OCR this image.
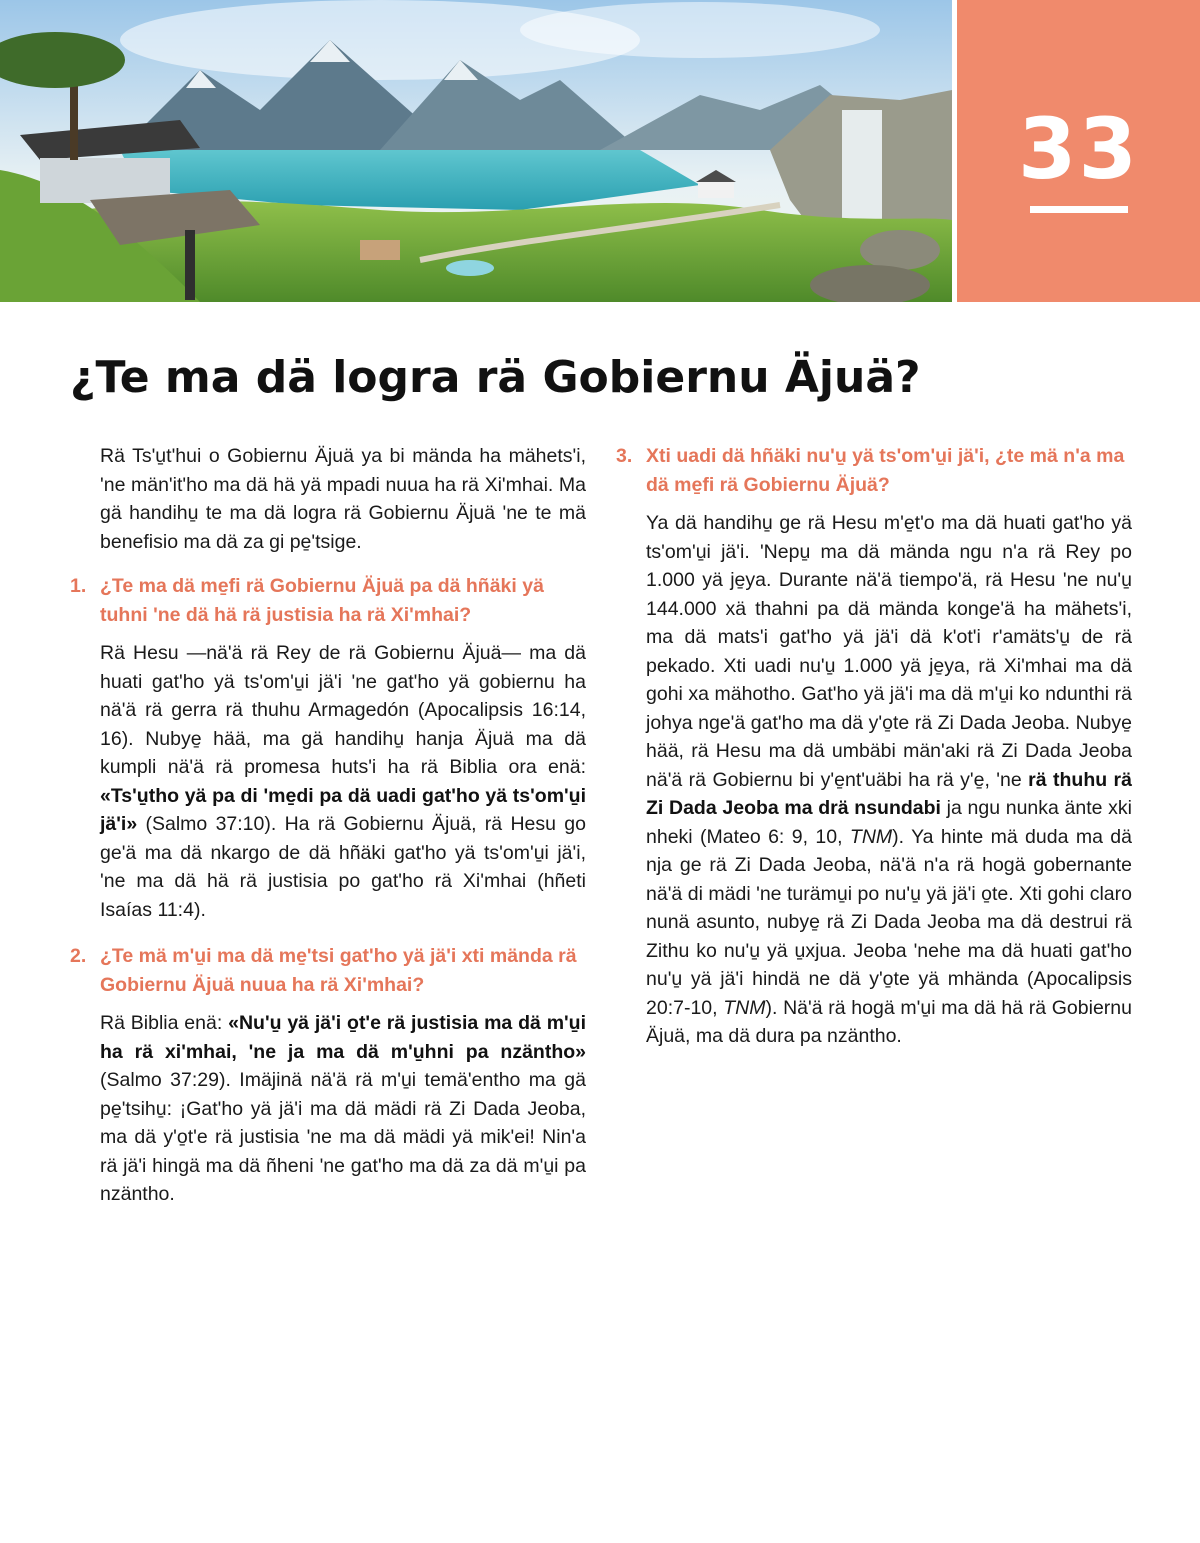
33
¿Te ma dä logra rä Gobiernu Äjuä?

Rä Ts'u̱t'hui o Gobiernu Äjuä ya bi mända ha mähets'i, 'ne män'it'ho ma dä hä yä mpadi nuua ha rä Xi'mhai. Ma gä handihu̱ te ma dä logra rä Gobiernu Äjuä 'ne te mä benefisio ma dä za gi pe̱'tsige.

1. ¿Te ma dä me̱fi rä Gobiernu Äjuä pa dä hñäki yä tuhni 'ne dä hä rä justisia ha rä Xi'mhai?

Rä Hesu —nä'ä rä Rey de rä Gobiernu Äjuä— ma dä huati gat'ho yä ts'om'u̱i jä'i 'ne gat'ho yä gobiernu ha nä'ä rä gerra rä thuhu Armagedón (Apocalipsis 16:14, 16). Nubye̱ hää, ma gä handihu̱ hanja Äjuä ma dä kumpli nä'ä rä promesa huts'i ha rä Biblia ora enä: «Ts'u̱tho yä pa di 'me̱di pa dä uadi gat'ho yä ts'om'u̱i jä'i» (Salmo 37:10). Ha rä Gobiernu Äjuä, rä Hesu go ge'ä ma dä nkargo de dä hñäki gat'ho yä ts'om'u̱i jä'i, 'ne ma dä hä rä justisia po gat'ho rä Xi'mhai (hñeti Isaías 11:4).

2. ¿Te mä m'u̱i ma dä me̱'tsi gat'ho yä jä'i xti mända rä Gobiernu Äjuä nuua ha rä Xi'mhai?

Rä Biblia enä: «Nu'u̱ yä jä'i o̱t'e rä justisia ma dä m'u̱i ha rä xi'mhai, 'ne ja ma dä m'u̱hni pa nzäntho» (Salmo 37:29). Imäjinä nä'ä rä m'u̱i temä'entho ma gä pe̱'tsihu̱: ¡Gat'ho yä jä'i ma dä mädi rä Zi Dada Jeoba, ma dä y'o̱t'e rä justisia 'ne ma dä mädi yä mik'ei! Nin'a rä jä'i hingä ma dä ñheni 'ne gat'ho ma dä za dä m'u̱i pa nzäntho.

3. Xti uadi dä hñäki nu'u̱ yä ts'om'u̱i jä'i, ¿te mä n'a ma dä me̱fi rä Gobiernu Äjuä?

Ya dä handihu̱ ge rä Hesu m'e̱t'o ma dä huati gat'ho yä ts'om'u̱i jä'i. 'Nepu̱ ma dä mända ngu n'a rä Rey po 1.000 yä je̱ya. Durante nä'ä tiempo'ä, rä Hesu 'ne nu'u̱ 144.000 xä thahni pa dä mända konge'ä ha mähets'i, ma dä mats'i gat'ho yä jä'i dä k'ot'i r'amäts'u̱ de rä pekado. Xti uadi nu'u̱ 1.000 yä je̱ya, rä Xi'mhai ma dä gohi xa mähotho. Gat'ho yä jä'i ma dä m'u̱i ko ndunthi rä johya nge'ä gat'ho ma dä y'o̱te rä Zi Dada Jeoba. Nubye̱ hää, rä Hesu ma dä umbäbi män'aki rä Zi Dada Jeoba nä'ä rä Gobiernu bi y'e̱nt'uäbi ha rä y'e̱, 'ne rä thuhu rä Zi Dada Jeoba ma drä nsundabi ja ngu nunka änte xki nheki (Mateo 6: 9, 10, TNM). Ya hinte mä duda ma dä nja ge rä Zi Dada Jeoba, nä'ä n'a rä hogä gobernante nä'ä di mädi 'ne turämu̱i po nu'u̱ yä jä'i o̱te. Xti gohi claro nunä asunto, nubye̱ rä Zi Dada Jeoba ma dä destrui rä Zithu ko nu'u̱ yä u̱xjua. Jeoba 'nehe ma dä huati gat'ho nu'u̱ yä jä'i hindä ne dä y'o̱te yä mhända (Apocalipsis 20:7-10, TNM). Nä'ä rä hogä m'u̱i ma dä hä rä Gobiernu Äjuä, ma dä dura pa nzäntho.
